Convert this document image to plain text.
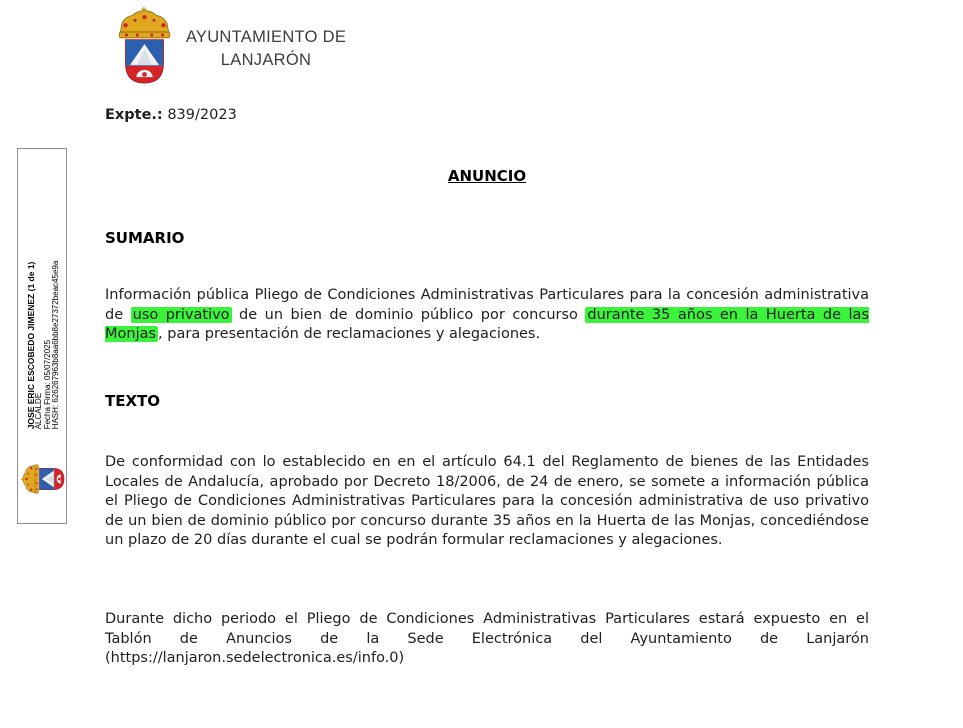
AYUNTAMIENTO DE
LANJARÓN
Expte.: 839/2023
JOSE ERIC ESCOBEDO JIMENEZ (1 de 1)
ALCALDE Fecha Firma: 05/07/2025 HASH: 626267963b8aa6bb8e27372beac45e9a
ANUNCIO
SUMARIO

Información pública Pliego de Condiciones Administrativas Particulares para la concesión administrativa de uso privativo de un bien de dominio público por concurso durante 35 años en la Huerta de las Monjas , para presentación de reclamaciones y alegaciones.

TEXTO

De conformidad con lo establecido en en el artículo 64.1 del Reglamento de bienes de las Entidades Locales de Andalucía, aprobado por Decreto 18/2006, de 24 de enero, se somete a información pública el Pliego de Condiciones Administrativas Particulares para la concesión administrativa de uso privativo de un bien de dominio público por concurso durante 35 años en la Huerta de las Monjas, concediéndose un plazo de 20 días durante el cual se podrán formular reclamaciones y alegaciones.

Durante dicho periodo el Pliego de Condiciones Administrativas Particulares estará expuesto en el Tablón de Anuncios de la Sede Electrónica del Ayuntamiento de Lanjarón (https://lanjaron.sedelectronica.es/info.0)
